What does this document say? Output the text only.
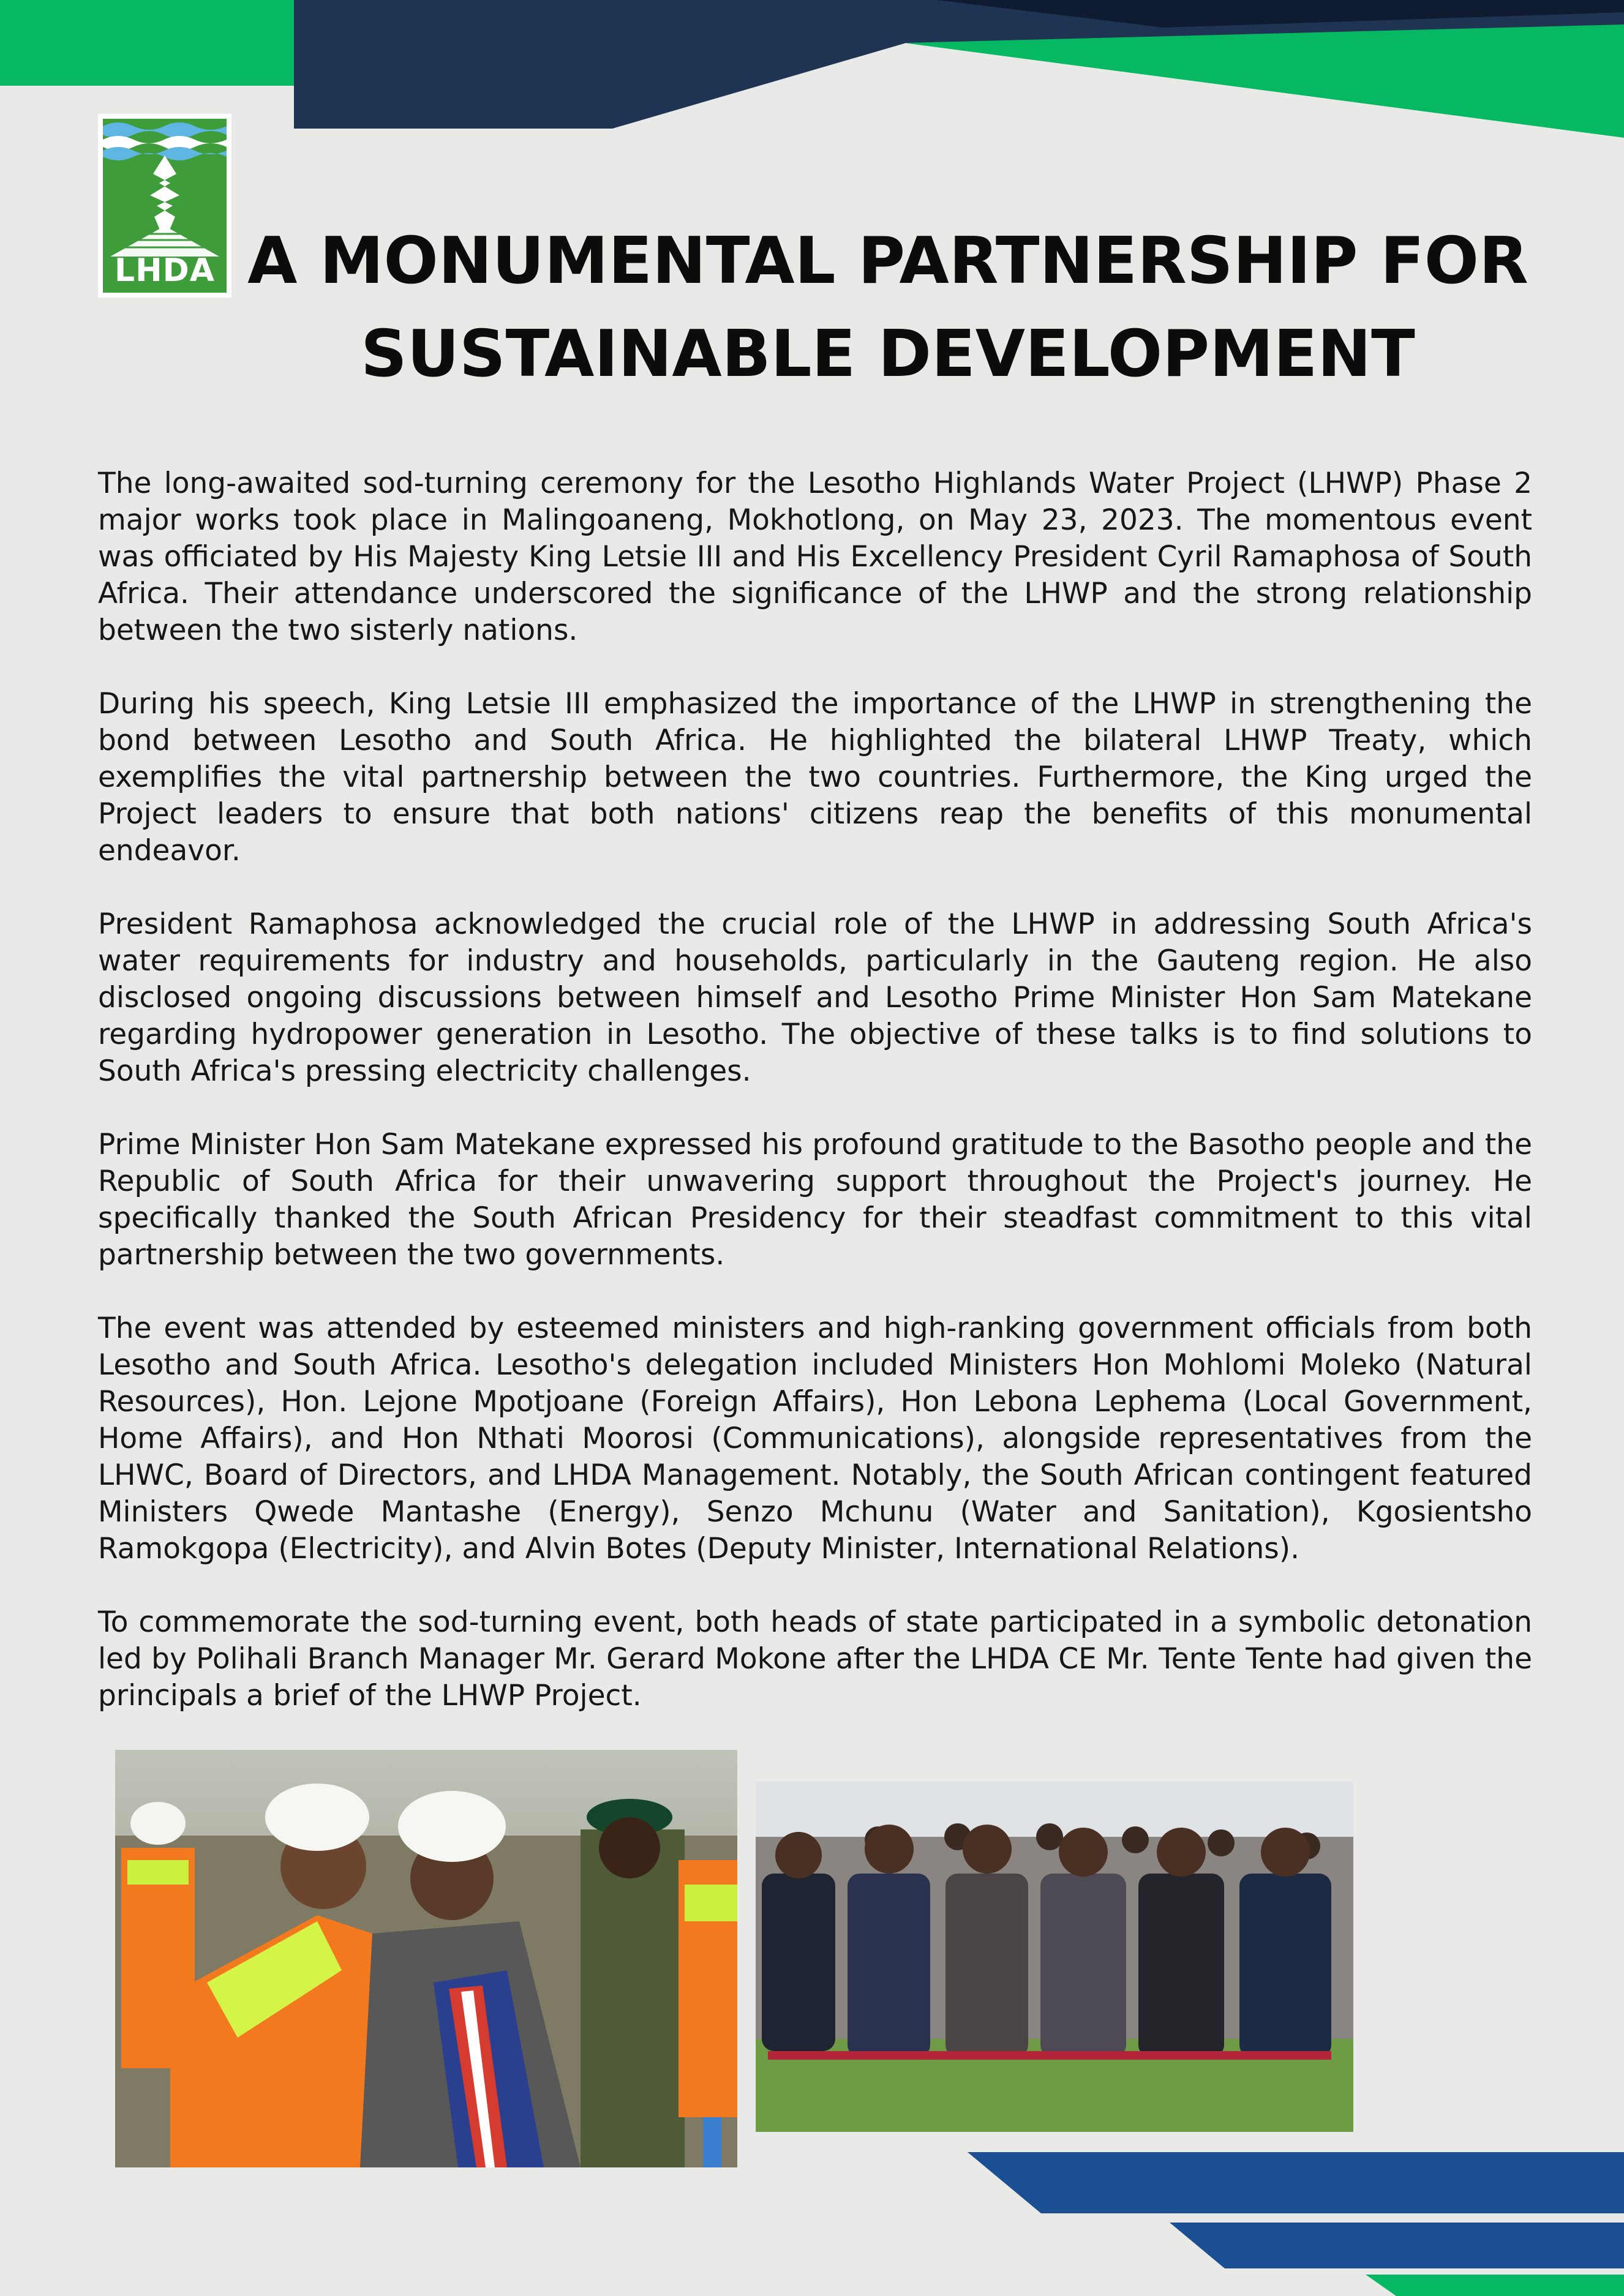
LHDA A MONUMENTAL PARTNERSHIP FOR
SUSTAINABLE DEVELOPMENT

The long-awaited sod-turning ceremony for the Lesotho Highlands Water Project (LHWP) Phase 2 major works took place in Malingoaneng, Mokhotlong, on May 23, 2023. The momentous event was officiated by His Majesty King Letsie III and His Excellency President Cyril Ramaphosa of South Africa. Their attendance underscored the significance of the LHWP and the strong relationship between the two sisterly nations.

During his speech, King Letsie III emphasized the importance of the LHWP in strengthening the bond between Lesotho and South Africa. He highlighted the bilateral LHWP Treaty, which exemplifies the vital partnership between the two countries. Furthermore, the King urged the Project leaders to ensure that both nations' citizens reap the benefits of this monumental endeavor.

President Ramaphosa acknowledged the crucial role of the LHWP in addressing South Africa's water requirements for industry and households, particularly in the Gauteng region. He also disclosed ongoing discussions between himself and Lesotho Prime Minister Hon Sam Matekane regarding hydropower generation in Lesotho. The objective of these talks is to find solutions to South Africa's pressing electricity challenges.

Prime Minister Hon Sam Matekane expressed his profound gratitude to the Basotho people and the Republic of South Africa for their unwavering support throughout the Project's journey. He specifically thanked the South African Presidency for their steadfast commitment to this vital partnership between the two governments.

The event was attended by esteemed ministers and high-ranking government officials from both Lesotho and South Africa. Lesotho's delegation included Ministers Hon Mohlomi Moleko (Natural Resources), Hon. Lejone Mpotjoane (Foreign Affairs), Hon Lebona Lephema (Local Government, Home Affairs), and Hon Nthati Moorosi (Communications), alongside representatives from the LHWC, Board of Directors, and LHDA Management. Notably, the South African contingent featured Ministers Qwede Mantashe (Energy), Senzo Mchunu (Water and Sanitation), Kgosientsho Ramokgopa (Electricity), and Alvin Botes (Deputy Minister, International Relations).

To commemorate the sod-turning event, both heads of state participated in a symbolic detonation led by Polihali Branch Manager Mr. Gerard Mokone after the LHDA CE Mr. Tente Tente had given the principals a brief of the LHWP Project.
